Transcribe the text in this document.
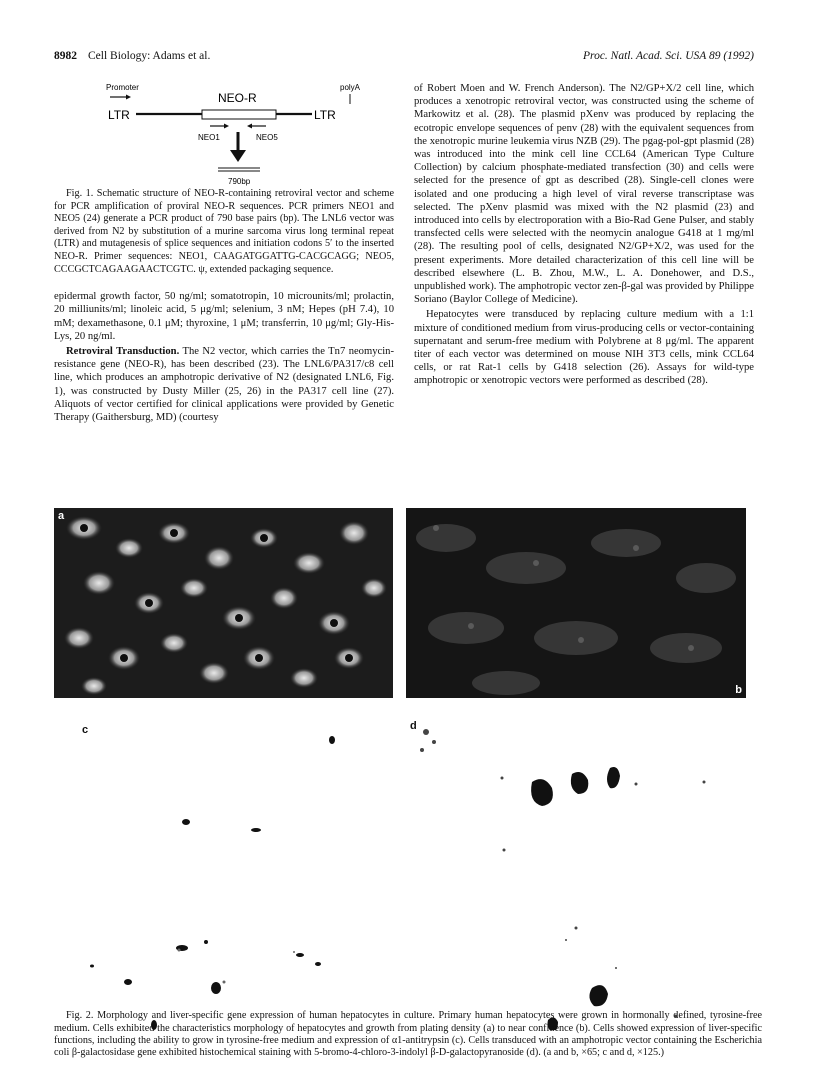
8982 Cell Biology: Adams et al.	Proc. Natl. Acad. Sci. USA 89 (1992)
Promoter	polyA
NEO-R
LTR	LTR
NEO1	NEO5
790bp

Fig. 1. Schematic structure of NEO-R-containing retroviral vector and scheme for PCR amplification of proviral NEO-R sequences. PCR primers NEO1 and NEO5 (24) generate a PCR product of 790 base pairs (bp). The LNL6 vector was derived from N2 by substitution of a murine sarcoma virus long terminal repeat (LTR) and mutagenesis of splice sequences and initiation codons 5′ to the inserted NEO-R. Primer sequences: NEO1, CAAGATGGATTG-CACGCAGG; NEO5, CCCGCTCAGAAGAACTCGTC. ψ, extended packaging sequence.

epidermal growth factor, 50 ng/ml; somatotropin, 10 microunits/ml; prolactin, 20 milliunits/ml; linoleic acid, 5 μg/ml; selenium, 3 nM; Hepes (pH 7.4), 10 mM; dexamethasone, 0.1 μM; thyroxine, 1 μM; transferrin, 10 μg/ml; Gly-His-Lys, 20 ng/ml.

Retroviral Transduction. The N2 vector, which carries the Tn7 neomycin-resistance gene (NEO-R), has been described (23). The LNL6/PA317/c8 cell line, which produces an amphotropic derivative of N2 (designated LNL6, Fig. 1), was constructed by Dusty Miller (25, 26) in the PA317 cell line (27). Aliquots of vector certified for clinical applications were provided by Genetic Therapy (Gaithersburg, MD) (courtesy

of Robert Moen and W. French Anderson). The N2/GP+X/2 cell line, which produces a xenotropic retroviral vector, was constructed using the scheme of Markowitz et al. (28). The plasmid pXenv was produced by replacing the ecotropic envelope sequences of penv (28) with the equivalent sequences from the xenotropic murine leukemia virus NZB (29). The pgag-pol-gpt plasmid (28) was introduced into the mink cell line CCL64 (American Type Culture Collection) by calcium phosphate-mediated transfection (30) and cells were selected for the presence of gpt as described (28). Single-cell clones were isolated and one producing a high level of viral reverse transcriptase was selected. The pXenv plasmid was mixed with the N2 plasmid (23) and introduced into cells by electroporation with a Bio-Rad Gene Pulser, and stably transfected cells were selected with the neomycin analogue G418 at 1 mg/ml (28). The resulting pool of cells, designated N2/GP+X/2, was used for the present experiments. More detailed characterization of this cell line will be described elsewhere (L. B. Zhou, M.W., L. A. Donehower, and D.S., unpublished work). The amphotropic vector zen-β-gal was provided by Philippe Soriano (Baylor College of Medicine).

Hepatocytes were transduced by replacing culture medium with a 1:1 mixture of conditioned medium from virus-producing cells or vector-containing supernatant and serum-free medium with Polybrene at 8 μg/ml. The apparent titer of each vector was determined on mouse NIH 3T3 cells, mink CCL64 cells, or rat Rat-1 cells by G418 selection (26). Assays for wild-type amphotropic or xenotropic vectors were performed as described (28).

a
b
c	d

Fig. 2. Morphology and liver-specific gene expression of human hepatocytes in culture. Primary human hepatocytes were grown in hormonally defined, tyrosine-free medium. Cells exhibited the characteristics morphology of hepatocytes and growth from plating density (a) to near confluence (b). Cells showed expression of liver-specific functions, including the ability to grow in tyrosine-free medium and expression of α1-antitrypsin (c). Cells transduced with an amphotropic vector containing the Escherichia coli β-galactosidase gene exhibited histochemical staining with 5-bromo-4-chloro-3-indolyl β-D-galactopyranoside (d). (a and b, ×65; c and d, ×125.)
